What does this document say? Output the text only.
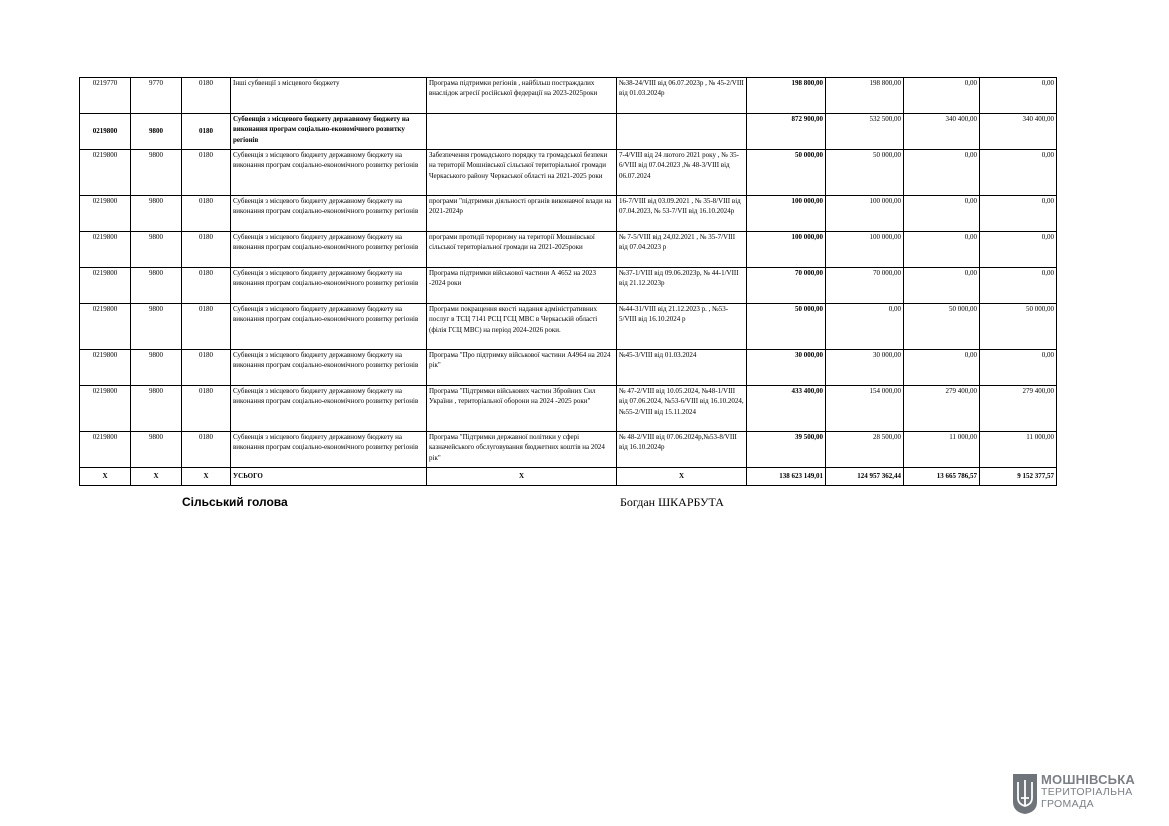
0219770	9770	0180	Інші субвенції з місцевого бюджету	Програма підтримки регіонів , найбільш постраждалих внаслідок агресії російської федерації на 2023-2025роки	№38-24/VIII від 06.07.2023р , № 45-2/VIII від 01.03.2024р	198 800,00	198 800,00	0,00	0,00
0219800	9800	0180	Субвенція з місцевого бюджету державному бюджету на виконання програм соціально-економічного розвитку регіонів			872 900,00	532 500,00	340 400,00	340 400,00
0219800	9800	0180	Субвенція з місцевого бюджету державному бюджету на виконання програм соціально-економічного розвитку регіонів	Забезпечення громадського порядку та громадської безпеки на території Мошнівської сільської територіальної громади Черкаського району Черкаської області на 2021-2025 роки	7-4/VIII від 24 лютого 2021 року , № 35-6/VIII від 07.04.2023 ,№ 48-3/VIII від 06.07.2024	50 000,00	50 000,00	0,00	0,00
0219800	9800	0180	Субвенція з місцевого бюджету державному бюджету на виконання програм соціально-економічного розвитку регіонів	програми "підтримки діяльності органів виконавчої влади на 2021-2024р	16-7/VIII від 03.09.2021 , № 35-8/VIII від 07.04.2023, № 53-7/VII від 16.10.2024р	100 000,00	100 000,00	0,00	0,00
0219800	9800	0180	Субвенція з місцевого бюджету державному бюджету на виконання програм соціально-економічного розвитку регіонів	програми протидії тероризму на території Мошнівської сільської територіальної громади на 2021-2025роки	№ 7-5/VIII від 24,02.2021 , № 35-7/VIII від 07.04.2023 р	100 000,00	100 000,00	0,00	0,00
0219800	9800	0180	Субвенція з місцевого бюджету державному бюджету на виконання програм соціально-економічного розвитку регіонів	Програма підтримки військової частини А 4652 на 2023 -2024 роки	№37-1/VIII від 09.06.2023р, № 44-1/VIII від 21.12.2023р	70 000,00	70 000,00	0,00	0,00
0219800	9800	0180	Субвенція з місцевого бюджету державному бюджету на виконання програм соціально-економічного розвитку регіонів	Програми покращення якості надання адміністративних послуг в ТСЦ 7141 РСЦ ГСЦ МВС в Черкаській області (філія ГСЦ МВС) на період 2024-2026 роки.	№44-31/VIII від 21.12.2023 р. , №53-5/VIII від 16.10.2024 р	50 000,00	0,00	50 000,00	50 000,00
0219800	9800	0180	Субвенція з місцевого бюджету державному бюджету на виконання програм соціально-економічного розвитку регіонів	Програма "Про підтримку військової частини А4964 на 2024 рік"	№45-3/VIII від 01.03.2024	30 000,00	30 000,00	0,00	0,00
0219800	9800	0180	Субвенція з місцевого бюджету державному бюджету на виконання програм соціально-економічного розвитку регіонів	Програма "Підтримки військових частин Збройних Сил України , територіальної оборони на 2024 -2025 роки"	№ 47-2/VIII від 10.05.2024, №48-1/VIII від 07.06.2024, №53-6/VIII від 16.10.2024, №55-2/VIII від 15.11.2024	433 400,00	154 000,00	279 400,00	279 400,00
0219800	9800	0180	Субвенція з місцевого бюджету державному бюджету на виконання програм соціально-економічного розвитку регіонів	Програма "Підтримки державної політики у сфері казначейського обслуговування бюджетних коштів на 2024 рік"	№ 48-2/VIII від 07.06.2024р,№53-8/VIII від 16.10.2024р	39 500,00	28 500,00	11 000,00	11 000,00
Х	Х	Х	УСЬОГО	Х	Х	138 623 149,01	124 957 362,44	13 665 786,57	9 152 377,57
Сільський голова	Богдан ШКАРБУТА
МОШНІВСЬКА
ТЕРИТОРІАЛЬНА
ГРОМАДА
